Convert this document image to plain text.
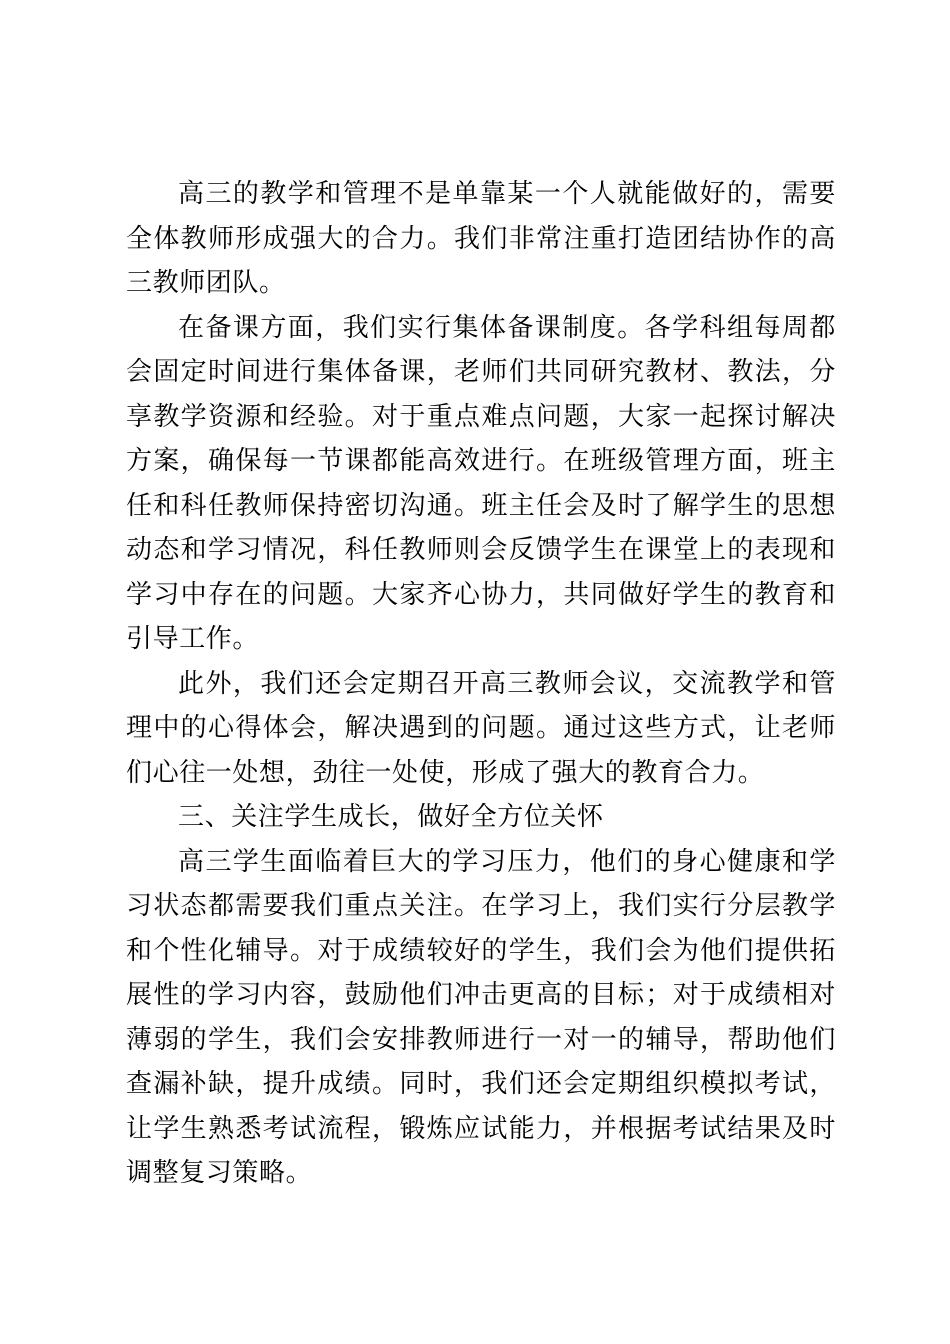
高三的教学和管理不是单靠某一个人就能做好的，需要全体教师形成强大的合力。我们非常注重打造团结协作的高三教师团队。

在备课方面，我们实行集体备课制度。各学科组每周都会固定时间进行集体备课，老师们共同研究教材、教法，分享教学资源和经验。对于重点难点问题，大家一起探讨解决方案，确保每一节课都能高效进行。在班级管理方面，班主任和科任教师保持密切沟通。班主任会及时了解学生的思想动态和学习情况，科任教师则会反馈学生在课堂上的表现和学习中存在的问题。大家齐心协力，共同做好学生的教育和引导工作。

此外，我们还会定期召开高三教师会议，交流教学和管理中的心得体会，解决遇到的问题。通过这些方式，让老师们心往一处想，劲往一处使，形成了强大的教育合力。

三、关注学生成长，做好全方位关怀

高三学生面临着巨大的学习压力，他们的身心健康和学习状态都需要我们重点关注。在学习上，我们实行分层教学和个性化辅导。对于成绩较好的学生，我们会为他们提供拓展性的学习内容，鼓励他们冲击更高的目标；对于成绩相对薄弱的学生，我们会安排教师进行一对一的辅导，帮助他们查漏补缺，提升成绩。同时，我们还会定期组织模拟考试，让学生熟悉考试流程，锻炼应试能力，并根据考试结果及时调整复习策略。
